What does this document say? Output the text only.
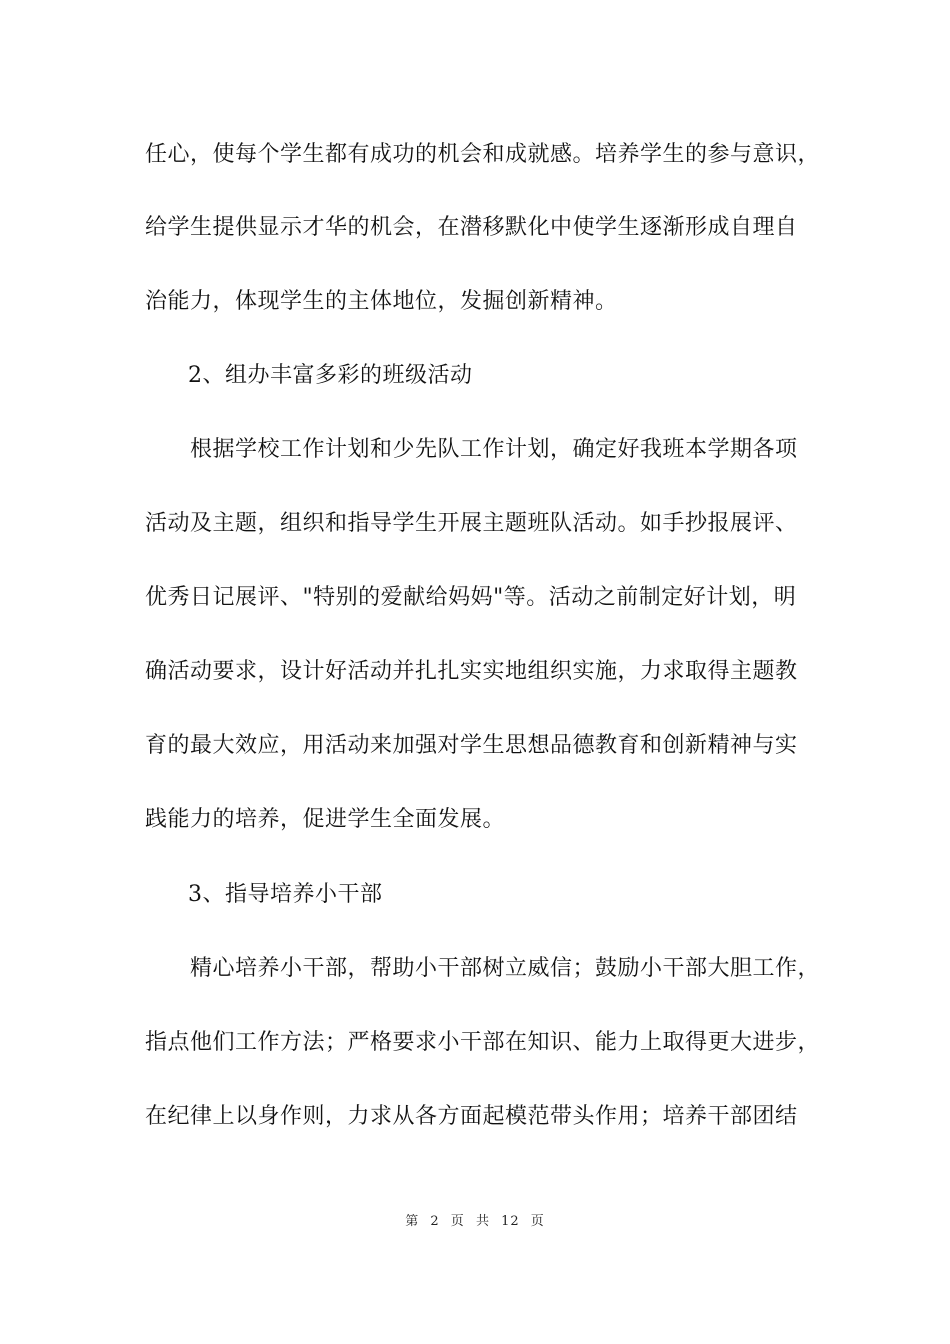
任心，使每个学生都有成功的机会和成就感。培养学生的参与意识，
给学生提供显示才华的机会，在潜移默化中使学生逐渐形成自理自
治能力，体现学生的主体地位，发掘创新精神。
2、组办丰富多彩的班级活动
根据学校工作计划和少先队工作计划，确定好我班本学期各项
活动及主题，组织和指导学生开展主题班队活动。如手抄报展评、
优秀日记展评、"特别的爱献给妈妈"等。活动之前制定好计划，明
确活动要求，设计好活动并扎扎实实地组织实施，力求取得主题教
育的最大效应，用活动来加强对学生思想品德教育和创新精神与实
践能力的培养，促进学生全面发展。
3、指导培养小干部
精心培养小干部，帮助小干部树立威信；鼓励小干部大胆工作，
指点他们工作方法；严格要求小干部在知识、能力上取得更大进步，
在纪律上以身作则，力求从各方面起模范带头作用；培养干部团结
第 2 页 共 12 页
